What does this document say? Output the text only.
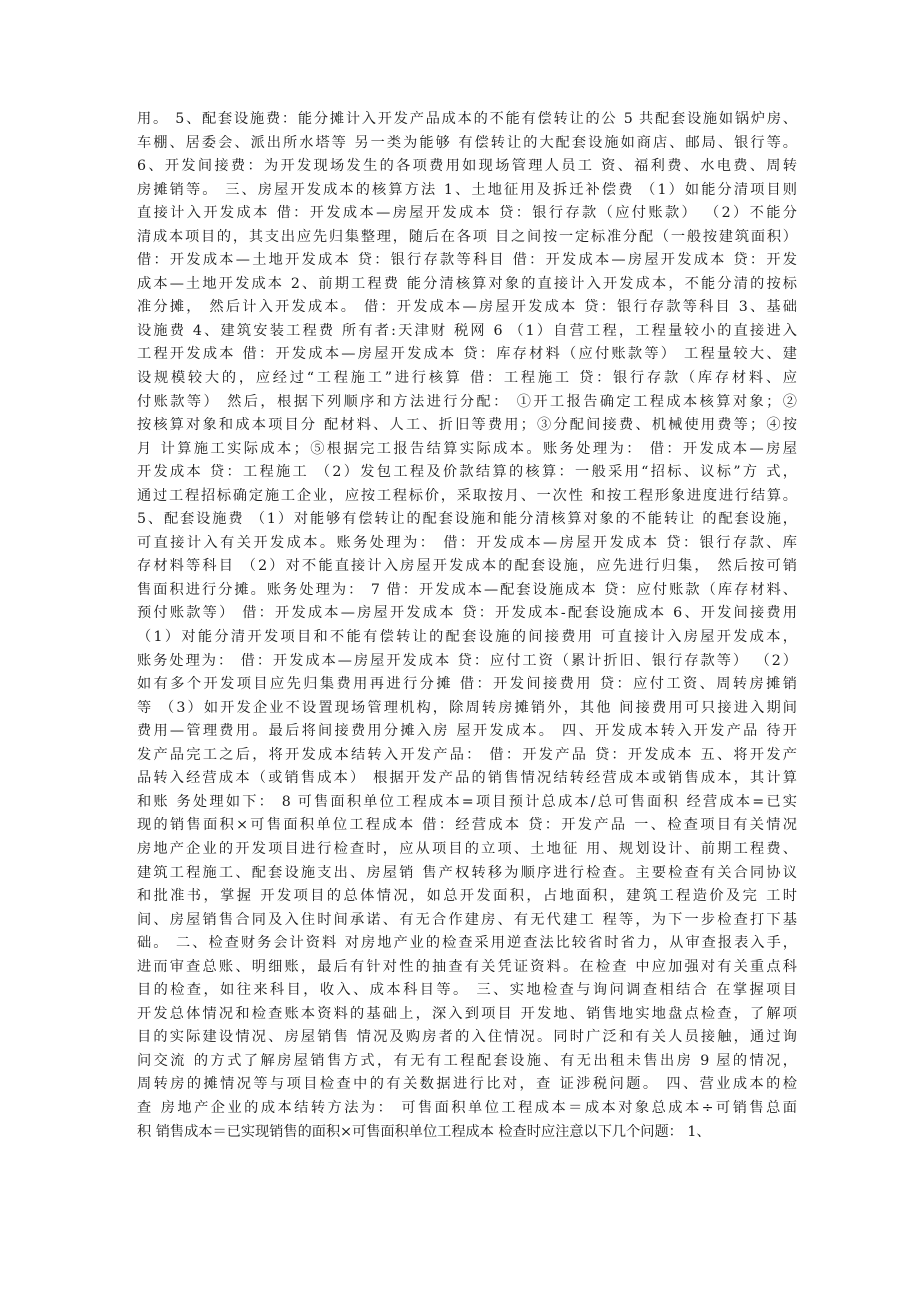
用。 5、配套设施费：能分摊计入开发产品成本的不能有偿转让的公 5 共配套设施如锅炉房、
车棚、居委会、派出所水塔等 另一类为能够 有偿转让的大配套设施如商店、邮局、银行等。
6、开发间接费：为开发现场发生的各项费用如现场管理人员工 资、福利费、水电费、周转
房摊销等。 三、房屋开发成本的核算方法 1、土地征用及拆迁补偿费 （1）如能分清项目则
直接计入开发成本 借：开发成本—房屋开发成本 贷：银行存款（应付账款） （2）不能分
清成本项目的，其支出应先归集整理，随后在各项 目之间按一定标准分配（一般按建筑面积）
借：开发成本—土地开发成本 贷：银行存款等科目 借：开发成本—房屋开发成本 贷：开发
成本—土地开发成本 2、前期工程费 能分清核算对象的直接计入开发成本，不能分清的按标
准分摊， 然后计入开发成本。 借：开发成本—房屋开发成本 贷：银行存款等科目 3、基础
设施费 4、建筑安装工程费 所有者:天津财 税网 6 （1）自营工程，工程量较小的直接进入
工程开发成本 借：开发成本—房屋开发成本 贷：库存材料（应付账款等） 工程量较大、建
设规模较大的，应经过“工程施工”进行核算 借：工程施工 贷：银行存款（库存材料、应
付账款等） 然后，根据下列顺序和方法进行分配： ①开工报告确定工程成本核算对象；②
按核算对象和成本项目分 配材料、人工、折旧等费用；③分配间接费、机械使用费等；④按
月 计算施工实际成本；⑤根据完工报告结算实际成本。账务处理为： 借：开发成本—房屋
开发成本 贷：工程施工 （2）发包工程及价款结算的核算：一般采用“招标、议标”方 式，
通过工程招标确定施工企业，应按工程标价，采取按月、一次性 和按工程形象进度进行结算。
5、配套设施费 （1）对能够有偿转让的配套设施和能分清核算对象的不能转让 的配套设施，
可直接计入有关开发成本。账务处理为： 借：开发成本—房屋开发成本 贷：银行存款、库
存材料等科目 （2）对不能直接计入房屋开发成本的配套设施，应先进行归集， 然后按可销
售面积进行分摊。账务处理为： 7 借：开发成本—配套设施成本 贷：应付账款（库存材料、
预付账款等） 借：开发成本—房屋开发成本 贷：开发成本-配套设施成本 6、开发间接费用
（1）对能分清开发项目和不能有偿转让的配套设施的间接费用 可直接计入房屋开发成本，
账务处理为： 借：开发成本—房屋开发成本 贷：应付工资（累计折旧、银行存款等） （2）
如有多个开发项目应先归集费用再进行分摊 借：开发间接费用 贷：应付工资、周转房摊销
等 （3）如开发企业不设置现场管理机构，除周转房摊销外，其他 间接费用可只接进入期间
费用—管理费用。最后将间接费用分摊入房 屋开发成本。 四、开发成本转入开发产品 待开
发产品完工之后，将开发成本结转入开发产品： 借：开发产品 贷：开发成本 五、将开发产
品转入经营成本（或销售成本） 根据开发产品的销售情况结转经营成本或销售成本，其计算
和账 务处理如下： 8 可售面积单位工程成本=项目预计总成本/总可售面积 经营成本=已实
现的销售面积×可售面积单位工程成本 借：经营成本 贷：开发产品 一、检查项目有关情况
房地产企业的开发项目进行检查时，应从项目的立项、土地征 用、规划设计、前期工程费、
建筑工程施工、配套设施支出、房屋销 售产权转移为顺序进行检查。主要检查有关合同协议
和批准书，掌握 开发项目的总体情况，如总开发面积，占地面积，建筑工程造价及完 工时
间、房屋销售合同及入住时间承诺、有无合作建房、有无代建工 程等，为下一步检查打下基
础。 二、检查财务会计资料 对房地产业的检查采用逆查法比较省时省力，从审查报表入手，
进而审查总账、明细账，最后有针对性的抽查有关凭证资料。在检查 中应加强对有关重点科
目的检查，如往来科目，收入、成本科目等。 三、实地检查与询问调查相结合 在掌握项目
开发总体情况和检查账本资料的基础上，深入到项目 开发地、销售地实地盘点检查，了解项
目的实际建设情况、房屋销售 情况及购房者的入住情况。同时广泛和有关人员接触，通过询
问交流 的方式了解房屋销售方式，有无有工程配套设施、有无出租未售出房 9 屋的情况，
周转房的摊情况等与项目检查中的有关数据进行比对，查 证涉税问题。 四、营业成本的检
查 房地产企业的成本结转方法为： 可售面积单位工程成本＝成本对象总成本÷可销售总面
积 销售成本＝已实现销售的面积×可售面积单位工程成本 检查时应注意以下几个问题： 1、
